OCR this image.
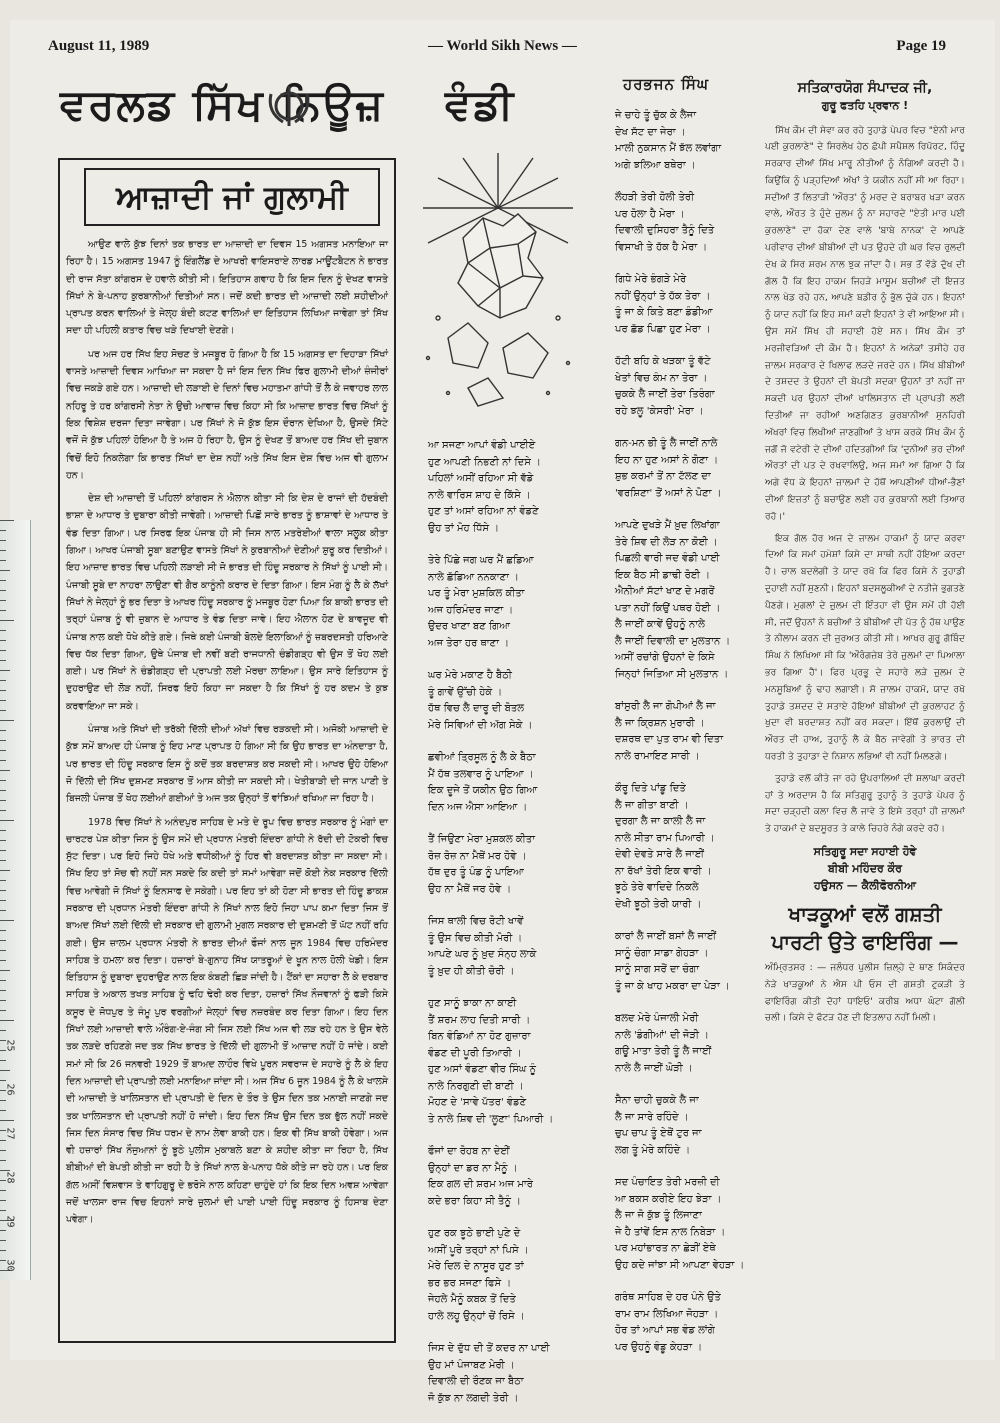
25
26
27
28
29
30
August 11, 1989	— World Sikh News —	Page 19
ਵਰਲਡ ਸਿੱਖ ਨਿਊਜ਼ ਵੰਡੀ
ਆਜ਼ਾਦੀ ਜਾਂ ਗੁਲਾਮੀ

ਆਉਣ ਵਾਲੇ ਕੁੱਝ ਦਿਨਾਂ ਤਕ ਭਾਰਤ ਦਾ ਆਜ਼ਾਦੀ ਦਾ ਦਿਵਸ 15 ਅਗਸਤ ਮਨਾਇਆ ਜਾ ਰਿਹਾ ਹੈ। 15 ਅਗਸਤ 1947 ਨੂੰ ਇੰਗਲੈਂਡ ਦੇ ਆਖਰੀ ਵਾਇਸਰਾਏ ਲਾਰਡ ਮਾਊਂਟਬੈਟਨ ਨੇ ਭਾਰਤ ਦੀ ਰਾਜ ਸੱਤਾ ਕਾਂਗਰਸ ਦੇ ਹਵਾਲੇ ਕੀਤੀ ਸੀ। ਇਤਿਹਾਸ ਗਵਾਹ ਹੈ ਕਿ ਇਸ ਦਿਨ ਨੂੰ ਦੇਖਣ ਵਾਸਤੇ ਸਿੱਖਾਂ ਨੇ ਬੇ-ਪਨਾਹ ਕੁਰਬਾਨੀਆਂ ਦਿਤੀਆਂ ਸਨ। ਜਦੋਂ ਕਦੀ ਭਾਰਤ ਦੀ ਆਜ਼ਾਦੀ ਲਈ ਸ਼ਹੀਦੀਆਂ ਪ੍ਰਾਪਤ ਕਰਨ ਵਾਲਿਆਂ ਤੇ ਜੇਲ੍ਹ ਬੰਦੀ ਕਟਣ ਵਾਲਿਆਂ ਦਾ ਇਤਿਹਾਸ ਲਿਖਿਆ ਜਾਵੇਗਾ ਤਾਂ ਸਿੱਖ ਸਦਾ ਹੀ ਪਹਿਲੀ ਕਤਾਰ ਵਿਚ ਖੜੇ ਦਿਖਾਈ ਦੇਣਗੇ।

ਪਰ ਅਜ ਹਰ ਸਿੱਖ ਇਹ ਸੋਚਣ ਤੇ ਮਜਬੂਰ ਹੋ ਗਿਆ ਹੈ ਕਿ 15 ਅਗਸਤ ਦਾ ਦਿਹਾੜਾ ਸਿੱਖਾਂ ਵਾਸਤੇ ਆਜ਼ਾਦੀ ਦਿਵਸ ਆਖਿਆ ਜਾ ਸਕਦਾ ਹੈ ਜਾਂ ਇਸ ਦਿਨ ਸਿੱਖ ਫਿਰ ਗੁਲਾਮੀ ਦੀਆਂ ਜ਼ੰਜੀਰਾਂ ਵਿਚ ਜਕੜੇ ਗਏ ਹਨ। ਆਜ਼ਾਦੀ ਦੀ ਲੜਾਈ ਦੇ ਦਿਨਾਂ ਵਿਚ ਮਹਾਤਮਾ ਗਾਂਧੀ ਤੋਂ ਲੈ ਕੇ ਜਵਾਹਰ ਲਾਲ ਨਹਿਰੂ ਤੇ ਹਰ ਕਾਂਗਰਸੀ ਨੇਤਾ ਨੇ ਉਚੀ ਆਵਾਜ਼ ਵਿਚ ਕਿਹਾ ਸੀ ਕਿ ਆਜ਼ਾਦ ਭਾਰਤ ਵਿਚ ਸਿੱਖਾਂ ਨੂੰ ਇਕ ਵਿਸ਼ੇਸ਼ ਦਰਜਾ ਦਿਤਾ ਜਾਵੇਗਾ। ਪਰ ਸਿੱਖਾਂ ਨੇ ਜੋ ਕੁੱਝ ਇਸ ਦੌਰਾਨ ਦੇਖਿਆ ਹੈ, ਉਸਦੇ ਸਿੱਟੇ ਵਜੋਂ ਜੋ ਕੁੱਝ ਪਹਿਲਾਂ ਹੋਇਆ ਹੈ ਤੇ ਅਜ ਹੋ ਰਿਹਾ ਹੈ, ਉਸ ਨੂੰ ਦੇਖਣ ਤੋਂ ਬਾਅਦ ਹਰ ਸਿੱਖ ਦੀ ਜ਼ੁਬਾਨ ਵਿਚੋਂ ਇਹੋ ਨਿਕਲੇਗਾ ਕਿ ਭਾਰਤ ਸਿੱਖਾਂ ਦਾ ਦੇਸ਼ ਨਹੀਂ ਅਤੇ ਸਿੱਖ ਇਸ ਦੇਸ਼ ਵਿਚ ਅਜ ਵੀ ਗੁਲਾਮ ਹਨ।

ਦੇਸ਼ ਦੀ ਆਜ਼ਾਦੀ ਤੋਂ ਪਹਿਲਾਂ ਕਾਂਗਰਸ ਨੇ ਐਲਾਨ ਕੀਤਾ ਸੀ ਕਿ ਦੇਸ਼ ਦੇ ਰਾਜਾਂ ਦੀ ਹੱਦਬੰਦੀ ਭਾਸ਼ਾ ਦੇ ਆਧਾਰ ਤੇ ਦੁਬਾਰਾ ਕੀਤੀ ਜਾਵੇਗੀ। ਆਜ਼ਾਦੀ ਪਿਛੋਂ ਸਾਰੇ ਭਾਰਤ ਨੂੰ ਭਾਸ਼ਾਵਾਂ ਦੇ ਆਧਾਰ ਤੇ ਵੰਡ ਦਿਤਾ ਗਿਆ। ਪਰ ਸਿਰਫ ਇਕ ਪੰਜਾਬ ਹੀ ਸੀ ਜਿਸ ਨਾਲ ਮਤਰੇਈਆਂ ਵਾਲਾ ਸਲੂਕ ਕੀਤਾ ਗਿਆ। ਆਖਰ ਪੰਜਾਬੀ ਸੂਬਾ ਬਣਾਉਣ ਵਾਸਤੇ ਸਿੱਖਾਂ ਨੇ ਕੁਰਬਾਨੀਆਂ ਦੇਣੀਆਂ ਸ਼ੁਰੂ ਕਰ ਦਿਤੀਆਂ। ਇਹ ਆਜ਼ਾਦ ਭਾਰਤ ਵਿਚ ਪਹਿਲੀ ਲੜਾਈ ਸੀ ਜੋ ਭਾਰਤ ਦੀ ਹਿੰਦੂ ਸਰਕਾਰ ਨੇ ਸਿੱਖਾਂ ਨੂੰ ਪਾਈ ਸੀ। ਪੰਜਾਬੀ ਸੂਬੇ ਦਾ ਨਾਹਰਾ ਲਾਉਣਾ ਵੀ ਗੈਰ ਕਾਨੂੰਨੀ ਕਰਾਰ ਦੇ ਦਿਤਾ ਗਿਆ। ਇਸ ਮੰਗ ਨੂੰ ਲੈ ਕੇ ਲੱਖਾਂ ਸਿੱਖਾਂ ਨੇ ਜੇਲ੍ਹਾਂ ਨੂੰ ਭਰ ਦਿਤਾ ਤੇ ਆਖਰ ਹਿੰਦੂ ਸਰਕਾਰ ਨੂੰ ਮਜਬੂਰ ਹੋਣਾ ਪਿਆ ਕਿ ਬਾਕੀ ਭਾਰਤ ਦੀ ਤਰ੍ਹਾਂ ਪੰਜਾਬ ਨੂੰ ਵੀ ਜ਼ੁਬਾਨ ਦੇ ਆਧਾਰ ਤੇ ਵੰਡ ਦਿਤਾ ਜਾਵੇ। ਇਹ ਐਲਾਨ ਹੋਣ ਦੇ ਬਾਵਜੂਦ ਵੀ ਪੰਜਾਬ ਨਾਲ ਕਈ ਧੋਖੇ ਕੀਤੇ ਗਏ। ਜਿਥੇ ਕਈ ਪੰਜਾਬੀ ਬੋਲਦੇ ਇਲਾਕਿਆਂ ਨੂੰ ਜ਼ਬਰਦਸਤੀ ਹਰਿਆਣੇ ਵਿਚ ਧੱਕ ਦਿਤਾ ਗਿਆ, ਉਥੇ ਪੰਜਾਬ ਦੀ ਨਵੀਂ ਬਣੀ ਰਾਜਧਾਨੀ ਚੰਡੀਗੜ੍ਹ ਵੀ ਉਸ ਤੋਂ ਖੋਹ ਲਈ ਗਈ। ਪਰ ਸਿੱਖਾਂ ਨੇ ਚੰਡੀਗੜ੍ਹ ਦੀ ਪ੍ਰਾਪਤੀ ਲਈ ਮੋਰਚਾ ਲਾਇਆ। ਉਸ ਸਾਰੇ ਇਤਿਹਾਸ ਨੂੰ ਦੁਹਰਾਉਣ ਦੀ ਲੋੜ ਨਹੀਂ, ਸਿਰਫ ਇਹੋ ਕਿਹਾ ਜਾ ਸਕਦਾ ਹੈ ਕਿ ਸਿੱਖਾਂ ਨੂੰ ਹਰ ਕਦਮ ਤੇ ਕੁਝ ਕਰਵਾਇਆ ਜਾ ਸਕੇ।

ਪੰਜਾਬ ਅਤੇ ਸਿੱਖਾਂ ਦੀ ਤਰੱਕੀ ਦਿੱਲੀ ਦੀਆਂ ਅੱਖਾਂ ਵਿਚ ਰੜਕਦੀ ਸੀ। ਅਜੋਕੀ ਆਜ਼ਾਦੀ ਦੇ ਕੁੱਝ ਸਮੇਂ ਬਾਅਦ ਹੀ ਪੰਜਾਬ ਨੂੰ ਇਹ ਮਾਣ ਪ੍ਰਾਪਤ ਹੋ ਗਿਆ ਸੀ ਕਿ ਉਹ ਭਾਰਤ ਦਾ ਅੰਨਦਾਤਾ ਹੈ, ਪਰ ਭਾਰਤ ਦੀ ਹਿੰਦੂ ਸਰਕਾਰ ਇਸ ਨੂੰ ਕਦੋਂ ਤਕ ਬਰਦਾਸ਼ਤ ਕਰ ਸਕਦੀ ਸੀ। ਆਖਰ ਉਹੋ ਹੋਇਆ ਜੋ ਦਿੱਲੀ ਦੀ ਸਿੱਖ ਦੁਸ਼ਮਣ ਸਰਕਾਰ ਤੋਂ ਆਸ ਕੀਤੀ ਜਾ ਸਕਦੀ ਸੀ। ਖੇਤੀਬਾੜੀ ਦੀ ਜਾਨ ਪਾਣੀ ਤੇ ਬਿਜਲੀ ਪੰਜਾਬ ਤੋਂ ਖੋਹ ਲਈਆਂ ਗਈਆਂ ਤੇ ਅਜ ਤਕ ਉਨ੍ਹਾਂ ਤੋਂ ਵਾਂਝਿਆਂ ਰਖਿਆ ਜਾ ਰਿਹਾ ਹੈ।

1978 ਵਿਚ ਸਿੱਖਾਂ ਨੇ ਅਨੰਦਪੁਰ ਸਾਹਿਬ ਦੇ ਮਤੇ ਦੇ ਰੂਪ ਵਿਚ ਭਾਰਤ ਸਰਕਾਰ ਨੂੰ ਮੰਗਾਂ ਦਾ ਚਾਰਟਰ ਪੇਸ਼ ਕੀਤਾ ਜਿਸ ਨੂੰ ਉਸ ਸਮੇਂ ਦੀ ਪ੍ਰਧਾਨ ਮੰਤਰੀ ਇੰਦਰਾ ਗਾਂਧੀ ਨੇ ਰੱਦੀ ਦੀ ਟੋਕਰੀ ਵਿਚ ਸੁੱਟ ਦਿਤਾ। ਪਰ ਇਹੋ ਜਿਹੇ ਧੋਖੇ ਅਤੇ ਵਧੀਕੀਆਂ ਨੂੰ ਹਿਰ ਵੀ ਬਰਦਾਸ਼ਤ ਕੀਤਾ ਜਾ ਸਕਦਾ ਸੀ। ਸਿੱਖ ਇਹ ਤਾਂ ਸੋਚ ਵੀ ਨਹੀਂ ਸਨ ਸਕਦੇ ਕਿ ਕਦੀ ਤਾਂ ਸਮਾਂ ਆਵੇਗਾ ਜਦੋਂ ਕੋਈ ਨੇਕ ਸਰਕਾਰ ਦਿੱਲੀ ਵਿਚ ਆਵੇਗੀ ਜੋ ਸਿੱਖਾਂ ਨੂੰ ਇਨਸਾਫ ਦੇ ਸਕੇਗੀ। ਪਰ ਇਹ ਤਾਂ ਕੀ ਹੋਣਾ ਸੀ ਭਾਰਤ ਦੀ ਹਿੰਦੂ ਡਾਕਸ਼ ਸਰਕਾਰ ਦੀ ਪ੍ਰਧਾਨ ਮੰਤਰੀ ਇੰਦਰਾ ਗਾਂਧੀ ਨੇ ਸਿੱਖਾਂ ਨਾਲ ਇਹੋ ਜਿਹਾ ਪਾਪ ਕਮਾ ਦਿਤਾ ਜਿਸ ਤੋਂ ਬਾਅਦ ਸਿੱਖਾਂ ਲਈ ਦਿੱਲੀ ਦੀ ਸਰਕਾਰ ਦੀ ਗੁਲਾਮੀ ਮੁਗਲ ਸਰਕਾਰ ਦੀ ਦੁਸ਼ਮਣੀ ਤੋਂ ਘੱਟ ਨਹੀਂ ਰਹਿ ਗਈ। ਉਸ ਜ਼ਾਲਮ ਪ੍ਰਧਾਨ ਮੰਤਰੀ ਨੇ ਭਾਰਤ ਦੀਆਂ ਫੌਜਾਂ ਨਾਲ ਜੂਨ 1984 ਵਿਚ ਹਰਿਮੰਦਰ ਸਾਹਿਬ ਤੇ ਹਮਲਾ ਕਰ ਦਿਤਾ। ਹਜ਼ਾਰਾਂ ਬੇ-ਗੁਨਾਹ ਸਿੱਖ ਯਾਤਰੂਆਂ ਦੇ ਖੂਨ ਨਾਲ ਹੋਲੀ ਖੇਡੀ। ਇਸ ਇਤਿਹਾਸ ਨੂੰ ਦੁਬਾਰਾ ਦੁਹਰਾਉਣ ਨਾਲ ਇਕ ਕੰਬਣੀ ਛਿੜ ਜਾਂਦੀ ਹੈ। ਟੈਂਕਾਂ ਦਾ ਸਹਾਰਾ ਲੈ ਕੇ ਦਰਬਾਰ ਸਾਹਿਬ ਤੇ ਅਕਾਲ ਤਖਤ ਸਾਹਿਬ ਨੂੰ ਢਹਿ ਢੇਰੀ ਕਰ ਦਿਤਾ, ਹਜ਼ਾਰਾਂ ਸਿੱਖ ਨੌਜਵਾਨਾਂ ਨੂੰ ਫੜੀ ਕਿਸੇ ਕਸੂਰ ਦੇ ਜੋਧਪੁਰ ਤੇ ਜੰਮੂ ਪੁਰ ਵਰਗੀਆਂ ਜੇਲ੍ਹਾਂ ਵਿਚ ਨਜ਼ਰਬੰਦ ਕਰ ਦਿਤਾ ਗਿਆ। ਇਹ ਦਿਨ ਸਿੱਖਾਂ ਲਈ ਆਜ਼ਾਦੀ ਵਾਲੇ ਔਰੰਗ-ਏ-ਜੰਗ ਸੀ ਜਿਸ ਲਈ ਸਿੱਖ ਅਜ ਵੀ ਲੜ ਰਹੇ ਹਨ ਤੇ ਉਸ ਵੇਲੇ ਤਕ ਲੜਦੇ ਰਹਿਣਗੇ ਜਦ ਤਕ ਸਿੱਖ ਭਾਰਤ ਤੇ ਦਿੱਲੀ ਦੀ ਗੁਲਾਮੀ ਤੋਂ ਆਜ਼ਾਦ ਨਹੀਂ ਹੋ ਜਾਂਦੇ। ਕਈ ਸਮਾਂ ਸੀ ਕਿ 26 ਜਨਵਰੀ 1929 ਤੋਂ ਬਾਅਦ ਲਾਹੌਰ ਵਿਖੇ ਪੂਰਨ ਸਵਰਾਜ ਦੇ ਸਹਾਰੇ ਨੂੰ ਲੈ ਕੇ ਇਹ ਦਿਨ ਆਜ਼ਾਦੀ ਦੀ ਪ੍ਰਾਪਤੀ ਲਈ ਮਨਾਇਆ ਜਾਂਦਾ ਸੀ। ਅਜ ਸਿੱਖ 6 ਜੂਨ 1984 ਨੂੰ ਲੈ ਕੇ ਖਾਲਸੇ ਦੀ ਆਜ਼ਾਦੀ ਤੇ ਖਾਲਿਸਤਾਨ ਦੀ ਪ੍ਰਾਪਤੀ ਦੇ ਦਿਨ ਦੇ ਤੌਰ ਤੇ ਉਸ ਦਿਨ ਤਕ ਮਨਾਈ ਜਾਣਗੇ ਜਦ ਤਕ ਖਾਲਿਸਤਾਨ ਦੀ ਪ੍ਰਾਪਤੀ ਨਹੀਂ ਹੋ ਜਾਂਦੀ। ਇਹ ਦਿਨ ਸਿੱਖ ਉਸ ਦਿਨ ਤਕ ਭੁੱਲ ਨਹੀਂ ਸਕਦੇ ਜਿਸ ਦਿਨ ਸੰਸਾਰ ਵਿਚ ਸਿੱਖ ਧਰਮ ਦੇ ਨਾਮ ਲੇਵਾ ਬਾਕੀ ਹਨ। ਇਕ ਵੀ ਸਿੱਖ ਬਾਕੀ ਹੋਵੇਗਾ। ਅਜ ਵੀ ਹਜ਼ਾਰਾਂ ਸਿੱਖ ਨੌਜੁਆਨਾਂ ਨੂੰ ਝੂਠੇ ਪੁਲੀਸ ਮੁਕਾਬਲੇ ਬਣਾ ਕੇ ਸ਼ਹੀਦ ਕੀਤਾ ਜਾ ਰਿਹਾ ਹੈ, ਸਿੱਖ ਬੀਬੀਆਂ ਦੀ ਬੇਪਤੀ ਕੀਤੀ ਜਾ ਰਹੀ ਹੈ ਤੇ ਸਿੱਖਾਂ ਨਾਲ ਬੇ-ਪਨਾਹ ਧੱਕੇ ਕੀਤੇ ਜਾ ਰਹੇ ਹਨ। ਪਰ ਇਕ ਗੱਲ ਅਸੀਂ ਵਿਸ਼ਵਾਸ ਤੇ ਵਾਹਿਗੁਰੂ ਦੇ ਭਰੋਸੇ ਨਾਲ ਕਹਿਣਾ ਚਾਹੁੰਦੇ ਹਾਂ ਕਿ ਇਕ ਦਿਨ ਅਵਸ਼ ਆਵੇਗਾ ਜਦੋਂ ਖਾਲਸਾ ਰਾਜ ਵਿਚ ਇਹਨਾਂ ਸਾਰੇ ਜ਼ੁਲਮਾਂ ਦੀ ਪਾਈ ਪਾਈ ਹਿੰਦੂ ਸਰਕਾਰ ਨੂੰ ਹਿਸਾਬ ਦੇਣਾ ਪਵੇਗਾ।

ਆ ਸਜਣਾ ਆਪਾਂ ਵੰਡੀ ਪਾਈਏ
ਹੁਣ ਆਪਣੀ ਨਿਭਣੀ ਨਾਂ ਦਿਸੇ ।
ਪਹਿਲਾਂ ਅਸੀਂ ਰਹਿਆ ਸੀ ਵੱਡੇ
ਨਾਲੇ ਵਾਰਿਸ ਸ਼ਾਹ ਦੇ ਕਿੱਸੇ ।
ਹੁਣ ਤਾਂ ਅਸਾਂ ਰਹਿਆ ਨਾਂ ਵੰਡਣੇ
ਉਹ ਤਾਂ ਮੋਹ ਧਿੱਸੇ ।
ਤੇਰੇ ਪਿੱਛੇ ਜਗ ਘਰ ਮੈਂ ਛਡਿਆ
ਨਾਲੇ ਛੱਡਿਆ ਨਨਕਾਣਾ ।
ਪਰ ਤੂੰ ਮੇਰਾ ਮੁਸ਼ਕਿਲ ਕੀਤਾ
ਅਜ ਹਰਿਮੰਦਰ ਜਾਣਾ ।
ਉਦਰ ਖਾਣਾ ਬਣ ਗਿਆ
ਅਜ ਤੇਰਾ ਹਰ ਥਾਣਾ ।
ਘਰ ਮੇਰੇ ਮਕਾਣ ਹੈ ਬੈਠੀ
ਤੂੰ ਗਾਵੇਂ ਉੱਚੀ ਹੇਕੇ ।
ਹੱਥ ਵਿਚ ਲੈ ਦਾਰੂ ਦੀ ਬੋਤਲ
ਮੇਰੇ ਸਿਵਿਆਂ ਦੀ ਅੱਗ ਸੇਕੇ ।
ਛਵੀਆਂ ਤ੍ਰਿਸੂਲ ਨੂੰ ਲੈ ਕੇ ਬੈਠਾ
ਮੈਂ ਹੱਥ ਤਲਵਾਰ ਨੂੰ ਪਾਇਆ ।
ਇਕ ਦੂਜੇ ਤੋਂ ਯਕੀਨ ਉਠ ਗਿਆ
ਦਿਨ ਅਜ ਐਸਾ ਆਇਆ ।
ਤੈਂ ਜਿਉਣਾ ਮੇਰਾ ਮੁਸ਼ਕਲ ਕੀਤਾ
ਰੋਜ਼ ਰੋਜ਼ ਨਾ ਮੈਥੋਂ ਮਰ ਹੋਵੇ ।
ਹੱਥ ਦੁਰ ਤੂੰ ਪੰਡ ਨੂੰ ਪਾਇਆ
ਉਹ ਨਾ ਮੈਥੋਂ ਜਰ ਹੋਵੇ ।
ਜਿਸ ਥਾਲੀ ਵਿਚ ਰੋਟੀ ਖਾਵੇਂ
ਤੂੰ ਉਸ ਵਿਚ ਕੀਤੀ ਮੋਰੀ ।
ਆਪਣੇ ਘਰ ਨੂੰ ਖ਼ੁਦ ਸੰਨ੍ਹ ਲਾਕੇ
ਤੂੰ ਖ਼ੁਦ ਹੀ ਕੀਤੀ ਚੋਰੀ ।
ਹੁਣ ਸਾਨੂੰ ਝਾਕਾ ਨਾ ਕਾਈ
ਤੈਂ ਸ਼ਰਮ ਲਾਹ ਦਿਤੀ ਸਾਰੀ ।
ਬਿਨ ਵੰਡਿਆਂ ਨਾ ਹੋਣ ਗੁਜ਼ਾਰਾ
ਵੰਡਣ ਦੀ ਪੂਰੀ ਤਿਆਰੀ ।
ਹੁਣ ਅਸਾਂ ਵੰਡਣਾ ਵੀਰ ਸਿੰਘ ਨੂੰ
ਨਾਲੇ ਨਿਰਗੁਣੀ ਦੀ ਬਾਣੀ ।
ਮੋਹਣ ਦੇ 'ਸਾਵੇ ਪੱਤਰ' ਵੰਡਣੇ
ਤੇ ਨਾਲੇ ਸ਼ਿਵ ਦੀ 'ਲੂਣਾ' ਪਿਆਰੀ ।
ਫੌਜਾਂ ਦਾ ਰੋਹਬ ਨਾ ਦੇਈਂ
ਉਨ੍ਹਾਂ ਦਾ ਡਰ ਨਾ ਮੈਨੂੰ ।
ਇਕ ਗਲ ਦੀ ਸ਼ਰਮ ਅਜ ਮਾਰੇ
ਕਦੇ ਭਰਾ ਕਿਹਾ ਸੀ ਤੈਨੂੰ ।
ਹੁਣ ਰਕ ਝੂਠੇ ਭਾਈ ਪੁਣੇ ਦੇ
ਅਸੀਂ ਪੂਰੇ ਤਰ੍ਹਾਂ ਨਾਂ ਪਿਸੇ ।
ਮੇਰੇ ਦਿਲ ਦੇ ਨਾਸੂਰ ਹੁਣ ਤਾਂ
ਭਰ ਭਰ ਸਜਣਾ ਫਿਸੇ ।
ਜੇਹਲੇ ਮੈਨੂੰ ਕਬਕ ਤੋਂ ਦਿਤੇ
ਹਾਲੇ ਲਹੂ ਉਨ੍ਹਾਂ ਚੋਂ ਰਿਸੇ ।
ਜਿਸ ਦੇ ਦੁੱਧ ਦੀ ਤੋਂ ਕਦਰ ਨਾ ਪਾਈ
ਉਹ ਮਾਂ ਪੰਜਾਬਣ ਮੇਰੀ ।
ਦਿਵਾਲੀ ਦੀ ਰੌਣਕ ਜਾ ਬੈਠਾ
ਜੋ ਕੁੱਝ ਨਾ ਲਗਦੀ ਤੇਰੀ ।
ਹਰਭਜਨ ਸਿੰਘ
ਜੇ ਚਾਹੇ ਤੂੰ ਚੁੱਕ ਕੇ ਲੈਜਾ
ਦੇਖ ਸੱਟ ਦਾ ਜੇਰਾ ।
ਮਾਲੀ ਨੁਕਸਾਨ ਮੈਂ ਝੱਲ ਲਵਾਂਗਾ
ਅਗੇ ਝਲਿਆ ਬਥੇਰਾ ।
ਲੌਹੜੀ ਤੇਰੀ ਹੋਲੀ ਤੇਰੀ
ਪਰ ਹੋਲਾ ਹੈ ਮੇਰਾ ।
ਦਿਵਾਲੀ ਦੁਸਿਹਰਾ ਤੈਨੂੰ ਦਿਤੇ
ਵਿਸਾਖੀ ਤੇ ਹੱਕ ਹੈ ਮੇਰਾ ।
ਗਿਧੇ ਮੇਰੇ ਭੰਗੜੇ ਮੇਰੇ
ਨਹੀਂ ਉਨ੍ਹਾਂ ਤੇ ਹੱਕ ਤੇਰਾ ।
ਤੂੰ ਜਾ ਕੇ ਕਿਤੇ ਬਣਾ ਡੰਡੀਆ
ਪਰ ਛੱਡ ਪਿਛਾ ਹੁਣ ਮੇਰਾ ।
ਹੱਟੀ ਬਹਿ ਕੇ ਖੜਕਾ ਤੂੰ ਵੱਟੇ
ਖੇਤਾਂ ਵਿਚ ਕੰਮ ਨਾ ਤੇਰਾ ।
ਚੁਕਕੇ ਲੈ ਜਾਈਂ ਤੇਰਾ ਤਿਰੰਗਾ
ਰਹੇ ਝਲੂ 'ਕੇਸਰੀ' ਮੇਰਾ ।
ਗਨ-ਮਨ ਭੀ ਤੂੰ ਲੈ ਜਾਈਂ ਨਾਲੇ
ਇਹ ਨਾ ਹੁਣ ਅਸਾਂ ਨੇ ਗੋਣਾ ।
ਸ਼ੁਭ ਕਰਮਾਂ ਤੋਂ ਨਾ ਟੱਲਣ ਦਾ
'ਵਰਸ਼ਿਣਾ' ਤੋਂ ਅਸਾਂ ਨੇ ਪੋਣਾ ।
ਆਪਣੇ ਦੁਖੜੇ ਮੈਂ ਖ਼ੁਦ ਲਿਖਾਂਗਾ
ਤੇਰੇ ਸ਼ਿਵ ਦੀ ਲੋੜ ਨਾ ਕੋਈ ।
ਪਿਛਲੀ ਵਾਰੀ ਜਦ ਵੰਡੀ ਪਾਈ
ਇਕ ਬੈਠ ਸੀ ਡਾਢੀ ਰੋਈ ।
ਐਨੀਆਂ ਸੱਟਾਂ ਖਾਣ ਦੇ ਮਗਰੋਂ
ਪਤਾ ਨਹੀਂ ਕਿਉਂ ਪਥਰ ਹੋਈ ।
ਲੈ ਜਾਈਂ ਕਾਵੇਂ ਉਹਨੂੰ ਨਾਲੇ
ਲੈ ਜਾਈਂ ਦਿਵਾਲੀ ਦਾ ਮੁਲਤਾਨ ।
ਅਸੀਂ ਰਚਾਂਗੇ ਉਹਨਾਂ ਦੇ ਕਿਸੇ
ਜਿਨ੍ਹਾਂ ਜਿਤਿਆ ਸੀ ਮੁਲਤਾਨ ।
ਬਾਂਸੁਰੀ ਲੈ ਜਾ ਗੋਪੀਆਂ ਲੈ ਜਾ
ਲੈ ਜਾ ਕ੍ਰਿਸ਼ਨ ਮੁਰਾਰੀ ।
ਦਸ਼ਰਥ ਦਾ ਪੁਤ ਰਾਮ ਵੀ ਦਿਤਾ
ਨਾਲੇ ਰਾਮਾਇਣ ਸਾਰੀ ।
ਕੌਰੂ ਦਿਤੇ ਪਾਂਡੂ ਦਿਤੇ
ਲੈ ਜਾ ਗੀਤਾ ਬਾਣੀ ।
ਦੁਰਗਾ ਲੈ ਜਾ ਕਾਲੀ ਲੈ ਜਾ
ਨਾਲੇ ਸੀਤਾ ਰਾਮ ਪਿਆਰੀ ।
ਦੇਵੀ ਦੇਵਤੇ ਸਾਰੇ ਲੈ ਜਾਈਂ
ਨਾ ਰੱਖਾਂ ਤੇਰੀ ਇਕ ਵਾਰੀ ।
ਝੂਠੇ ਤੇਰੇ ਵਾਦਿਦੇ ਨਿਕਲੇ
ਦੇਖੀ ਝੂਠੀ ਤੇਰੀ ਯਾਰੀ ।
ਕਾਰਾਂ ਲੈ ਜਾਈਂ ਬਸਾਂ ਲੈ ਜਾਈਂ
ਸਾਨੂੰ ਚੰਗਾ ਸਾਡਾ ਗੇਹੜਾ ।
ਸਾਨੂੰ ਸਾਗ ਸਰੋਂ ਦਾ ਚੰਗਾ
ਤੂੰ ਜਾ ਕੇ ਖਾਹ ਮਕਰਾ ਦਾ ਪੇੜਾ ।
ਬਲਦ ਮੇਰੇ ਪੰਜਾਲੀ ਮੇਰੀ
ਨਾਲੇ 'ਡੰਗੀਆਂ' ਦੀ ਜੋੜੀ ।
ਗਊ ਮਾਤਾ ਤੇਰੀ ਤੂੰ ਲੈ ਜਾਈਂ
ਨਾਲੇ ਲੈ ਜਾਈਂ ਘੋੜੀ ।
ਸੈਨਾ ਚਾਹੀ ਚੁਕਕੇ ਲੈ ਜਾ
ਲੈ ਜਾ ਸਾਰੇ ਰਹਿੰਦੇ ।
ਚੁਪ ਚਾਪ ਤੂੰ ਏਥੋਂ ਟੁਰ ਜਾ
ਲਗ ਤੂੰ ਮੇਰੇ ਕਹਿੰਦੇ ।
ਸਦ ਪੰਚਾਇਤ ਤੇਰੀ ਮਰਜ਼ੀ ਦੀ
ਆ ਬਕਸ ਕਰੀਏ ਇਹ ਝੇੜਾ ।
ਲੈ ਜਾ ਜੋ ਕੁੱਝ ਤੂੰ ਲਿਜਾਣਾ
ਜੇ ਹੈ ਤਾਂਵੇਂ ਇਸ ਨਾਲ ਨਿਬੇੜਾ ।
ਪਰ ਮਹਾਂਭਾਰਤ ਨਾ ਛੇੜੀਂ ਏਥੇ
ਉਹ ਕਦੇ ਜਾਂਝਾ ਸੀ ਆਪਣਾ ਵੇਹੜਾ ।
ਗਰੰਥ ਸਾਹਿਬ ਦੇ ਹਰ ਪੰਨੇ ਉਤੇ
ਰਾਮ ਰਾਮ ਲਿਖਿਆ ਜੋਹੜਾ ।
ਹੋਰ ਤਾਂ ਆਪਾਂ ਸਭ ਵੰਡ ਲਾਂਗੇ
ਪਰ ਉਹਨੂੰ ਵੰਡੂ ਕੇਹੜਾ ।
ਸਤਿਕਾਰਯੋਗ ਸੰਪਾਦਕ ਜੀ,
ਗੁਰੂ ਫਤਹਿ ਪ੍ਰਵਾਨ !

ਸਿੱਖ ਕੌਮ ਦੀ ਸੇਵਾ ਕਰ ਰਹੇ ਤੁਹਾਡੇ ਪੇਪਰ ਵਿਚ "ਏਨੀ ਮਾਰ ਪਈ ਕੁਰਲਾਣੇ" ਦੇ ਸਿਰਲੇਖ ਹੇਠ ਛੱਪੀ ਸਪੈਸ਼ਲ ਰਿਪੋਰਟ, ਹਿੰਦੂ ਸਰਕਾਰ ਦੀਆਂ ਸਿੱਖ ਮਾਰੂ ਨੀਤੀਆਂ ਨੂੰ ਨੰਗਿਆਂ ਕਰਦੀ ਹੈ। ਕਿਉਂਕਿ ਨੂੰ ਪੜ੍ਹਦਿਆਂ ਅੱਖਾਂ ਤੇ ਯਕੀਨ ਨਹੀਂ ਸੀ ਆ ਰਿਹਾ। ਸਦੀਆਂ ਤੋਂ ਲਿਤਾੜੀ 'ਔਰਤ' ਨੂੰ ਮਰਦ ਦੇ ਬਰਾਬਰ ਖੜਾ ਕਰਨ ਵਾਲੇ, ਔਰਤ ਤੇ ਹੁੰਦੇ ਜ਼ੁਲਮ ਨੂੰ ਨਾ ਸਹਾਰਦੇ "ਏਤੀ ਮਾਰ ਪਈ ਕੁਰਲਾਣੇ" ਦਾ ਹੋਕਾ ਦੇਣ ਵਾਲੇ 'ਬਾਬੇ ਨਾਨਕ' ਦੇ ਆਪਣੇ ਪਰੀਵਾਰ ਦੀਆਂ ਬੀਬੀਆਂ ਦੀ ਪਤ ਉਹਦੇ ਹੀ ਘਰ ਵਿਚ ਰੁਲਦੀ ਦੇਖ ਕੇ ਸਿਰ ਸ਼ਰਮ ਨਾਲ ਝੁਕ ਜਾਂਦਾ ਹੈ। ਸਭ ਤੋਂ ਵੱਡੇ ਦੁੱਖ ਦੀ ਗੱਲ ਹੈ ਕਿ ਇਹ ਹਾਕਮ ਜਿਹੜੇ ਮਾਸੂਮ ਬਚੀਆਂ ਦੀ ਇਜ਼ਤ ਨਾਲ ਖੇਡ ਰਹੇ ਹਨ, ਆਪਣੇ ਬਡੀਰ ਨੂੰ ਭੁੱਲ ਚੁੱਕੇ ਹਨ। ਇਹਨਾਂ ਨੂੰ ਯਾਦ ਨਹੀਂ ਕਿ ਇਹ ਸਮਾਂ ਕਦੀ ਇਹਨਾਂ ਤੇ ਵੀ ਆਇਆ ਸੀ। ਉਸ ਸਮੇਂ ਸਿੱਖ ਹੀ ਸਹਾਈ ਹੋਏ ਸਨ। ਸਿੱਖ ਕੌਮ ਤਾਂ ਮਰਜੀਵੜਿਆਂ ਦੀ ਕੌਮ ਹੈ। ਇਹਨਾਂ ਨੇ ਅਨੇਕਾਂ ਤਸੀਹੇ ਹਰ ਜ਼ਾਲਮ ਸਰਕਾਰ ਦੇ ਖਿਲਾਫ ਲੜਦੇ ਜਰਦੇ ਹਨ। ਸਿੱਖ ਬੀਬੀਆਂ ਦੇ ਤਸ਼ਦਦ ਤੇ ਉਹਨਾਂ ਦੀ ਬੇਪਤੀ ਸਦਕਾ ਉਹਨਾਂ ਤਾਂ ਨਹੀਂ ਜਾ ਸਕਦੀ ਪਰ ਉਹਨਾਂ ਦੀਆਂ ਖਾਲਿਸਤਾਨ ਦੀ ਪ੍ਰਾਪਤੀ ਲਈ ਦਿਤੀਆਂ ਜਾ ਰਹੀਆਂ ਅਣਗਿਣਤ ਕੁਰਬਾਨੀਆਂ ਸੁਨਹਿਰੀ ਅੱਖਰਾਂ ਵਿਚ ਲਿਖੀਆਂ ਜਾਣਗੀਆਂ ਤੇ ਖਾਸ ਕਰਕੇ ਸਿੱਖ ਕੌਮ ਨੂੰ ਜਗੋਂ ਜੋ ਵਟੇਰੀ ਦੇ ਦੀਆਂ ਹਦਿਤਗੀਆਂ ਕਿ 'ਦੁਨੀਆਂ ਭਰ ਦੀਆਂ ਔਰਤਾਂ ਦੀ ਪਤ ਦੇ ਰਖਵਾਲਿਉ, ਅਜ ਸਮਾਂ ਆ ਗਿਆ ਹੈ ਕਿ ਅਗੇ ਵੱਧ ਕੇ ਇਹਨਾਂ ਜ਼ਾਲਮਾਂ ਦੇ ਹੱਥੋਂ ਆਪਣੀਆਂ ਧੀਆਂ-ਭੈਣਾਂ ਦੀਆਂ ਇਜ਼ਤਾਂ ਨੂੰ ਬਚਾਉਣ ਲਈ ਹਰ ਕੁਰਬਾਨੀ ਲਈ ਤਿਆਰ ਰਹੋ।'

ਇਕ ਗੱਲ ਹੋਰ ਅਜ ਦੇ ਜ਼ਾਲਮ ਹਾਕਮਾਂ ਨੂੰ ਯਾਦ ਕਰਵਾ ਦਿਆਂ ਕਿ ਸਮਾਂ ਹਮੇਸ਼ਾਂ ਕਿਸੇ ਦਾ ਸਾਥੀ ਨਹੀਂ ਹੋਇਆ ਕਰਦਾ ਹੈ। ਚਾਲ ਬਦਲੇਗੀ ਤੇ ਯਾਦ ਰਖੋ ਕਿ ਫਿਰ ਕਿਸੇ ਨੇ ਤੁਹਾਡੀ ਦੁਹਾਈ ਨਹੀਂ ਸੁਣਨੀ। ਇਹਨਾਂ ਬਦਸਲੂਕੀਆਂ ਦੇ ਨਤੀਜੇ ਭੁਗਤਣੇ ਪੈਣਗੇ। ਮੁਗਲਾਂ ਦੇ ਜ਼ੁਲਮ ਦੀ ਇੰਤਹਾ ਵੀ ਉਸ ਸਮੇਂ ਹੀ ਹੋਈ ਸੀ, ਜਦੋਂ ਉਹਨਾਂ ਨੇ ਬਚੀਆਂ ਤੇ ਬੀਬੀਆਂ ਦੀ ਪੱਤ ਨੂੰ ਹੱਥ ਪਾਉਣ ਤੇ ਨੀਲਾਮ ਕਰਨ ਦੀ ਜੁਰਅਤ ਕੀਤੀ ਸੀ। ਆਖਰ ਗੁਰੂ ਗੋਬਿੰਦ ਸਿੰਘ ਨੇ ਲਿਖਿਆ ਸੀ ਕਿ 'ਔਰੰਗਜ਼ੇਬ ਤੇਰੇ ਜ਼ੁਲਮਾਂ ਦਾ ਪਿਆਲਾ ਭਰ ਗਿਆ ਹੈ'। ਫਿਰ ਪ੍ਰਭੂ ਦੇ ਸਹਾਰੇ ਲੜੇ ਜ਼ੁਲਮ ਦੇ ਮਨਸੂਬਿਆਂ ਨੂੰ ਢਾਹ ਲਗਾਈ। ਸੋ ਜ਼ਾਲਮ ਹਾਕਮੋ, ਯਾਦ ਰਖੋ ਤੁਹਾਡੇ ਤਸ਼ਦਦ ਦੇ ਸਤਾਏ ਹੋਇਆਂ ਬੀਬੀਆਂ ਦੀ ਕੁਰਲਾਹਟ ਨੂੰ ਖੁਦਾ ਵੀ ਬਰਦਾਸ਼ਤ ਨਹੀਂ ਕਰ ਸਕਦਾ। ਇੱਥੋਂ ਕੁਰਲਾਉਂ ਦੀ ਔਰਤ ਦੀ ਹਾਅ, ਤੁਹਾਨੂੰ ਲੈ ਕੇ ਬੈਠ ਜਾਵੇਗੀ ਤੇ ਭਾਰਤ ਦੀ ਧਰਤੀ ਤੇ ਤੁਹਾਡਾ ਦੇ ਨਿਸ਼ਾਨ ਲਭਿਆਂ ਵੀ ਨਹੀਂ ਮਿਲਣਗੇ।

ਤੁਹਾਡੇ ਵਲੋਂ ਕੀਤੇ ਜਾ ਰਹੇ ਉਪਰਾਲਿਆਂ ਦੀ ਸ਼ਲਾਘਾ ਕਰਦੀ ਹਾਂ ਤੇ ਅਰਦਾਸ ਹੈ ਕਿ ਸਤਿਗੁਰੂ ਤੁਹਾਨੂੰ ਤੇ ਤੁਹਾਡੇ ਪੇਪਰ ਨੂੰ ਸਦਾ ਚੜ੍ਹਦੀ ਕਲਾ ਵਿਚ ਲੈ ਜਾਵੇ ਤੇ ਇਸੇ ਤਰ੍ਹਾਂ ਹੀ ਜ਼ਾਲਮਾਂ ਤੇ ਹਾਕਮਾਂ ਦੇ ਬਦਸੂਰਤ ਤੇ ਕਾਲੇ ਚਿਹਰੇ ਨੰਗੇ ਕਰਦੇ ਰਹੋ।

ਸਤਿਗੁਰੂ ਸਦਾ ਸਹਾਈ ਹੋਵੇ
ਬੀਬੀ ਮਹਿੰਦਰ ਕੌਰ
ਹਉਸਨ — ਕੈਲੀਫੋਰਨੀਆ
ਖਾੜਕੂਆਂ ਵਲੋਂ ਗਸ਼ਤੀ ਪਾਰਟੀ ਉਤੇ ਫਾਇਰਿੰਗ —
ਅੰਮ੍ਰਿਤਸਰ : — ਜਲੰਧਰ ਪੁਲੀਸ ਜ਼ਿਲ੍ਹੇ ਦੇ ਥਾਣ ਸਿਕੰਦਰ ਨੇੜੇ ਖਾੜਕੂਆਂ ਨੇ ਐਸ ਪੀ ਓਸ ਦੀ ਗਸ਼ਤੀ ਟੁਕੜੀ ਤੇ ਫਾਇਰਿੰਗ ਕੀਤੀ ਦੋਹਾਂ ਧਾਇਓ' ਕਰੀਬ ਅਧਾ ਘੰਟਾ ਗੋਲੀ ਚਲੀ। ਕਿਸੇ ਦੇ ਫੱਟੜ ਹੋਣ ਦੀ ਇਤਲਾਹ ਨਹੀਂ ਮਿਲੀ।
